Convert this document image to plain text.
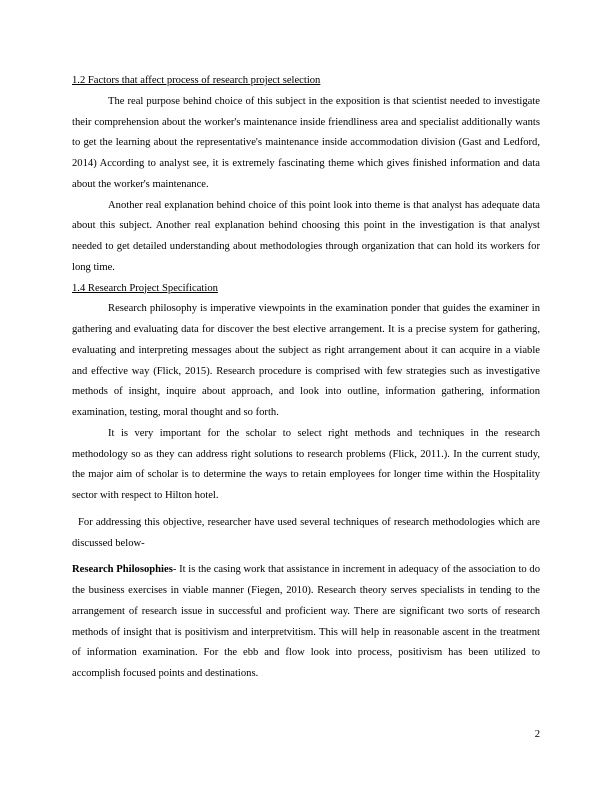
1.2 Factors that affect process of research project selection

The real purpose behind choice of this subject in the exposition is that scientist needed to investigate their comprehension about the worker's maintenance inside friendliness area and specialist additionally wants to get the learning about the representative's maintenance inside accommodation division (Gast and Ledford, 2014) According to analyst see, it is extremely fascinating theme which gives finished information and data about the worker's maintenance.

Another real explanation behind choice of this point look into theme is that analyst has adequate data about this subject. Another real explanation behind choosing this point in the investigation is that analyst needed to get detailed understanding about methodologies through organization that can hold its workers for long time.

1.4 Research Project Specification

Research philosophy is imperative viewpoints in the examination ponder that guides the examiner in gathering and evaluating data for discover the best elective arrangement. It is a precise system for gathering, evaluating and interpreting messages about the subject as right arrangement about it can acquire in a viable and effective way (Flick, 2015). Research procedure is comprised with few strategies such as investigative methods of insight, inquire about approach, and look into outline, information gathering, information examination, testing, moral thought and so forth.

It is very important for the scholar to select right methods and techniques in the research methodology so as they can address right solutions to research problems (Flick, 2011.). In the current study, the major aim of scholar is to determine the ways to retain employees for longer time within the Hospitality sector with respect to Hilton hotel.

For addressing this objective, researcher have used several techniques of research methodologies which are discussed below-

Research Philosophies- It is the casing work that assistance in increment in adequacy of the association to do the business exercises in viable manner (Fiegen, 2010). Research theory serves specialists in tending to the arrangement of research issue in successful and proficient way. There are significant two sorts of research methods of insight that is positivism and interpretvitism. This will help in reasonable ascent in the treatment of information examination. For the ebb and flow look into process, positivism has been utilized to accomplish focused points and destinations.

2
